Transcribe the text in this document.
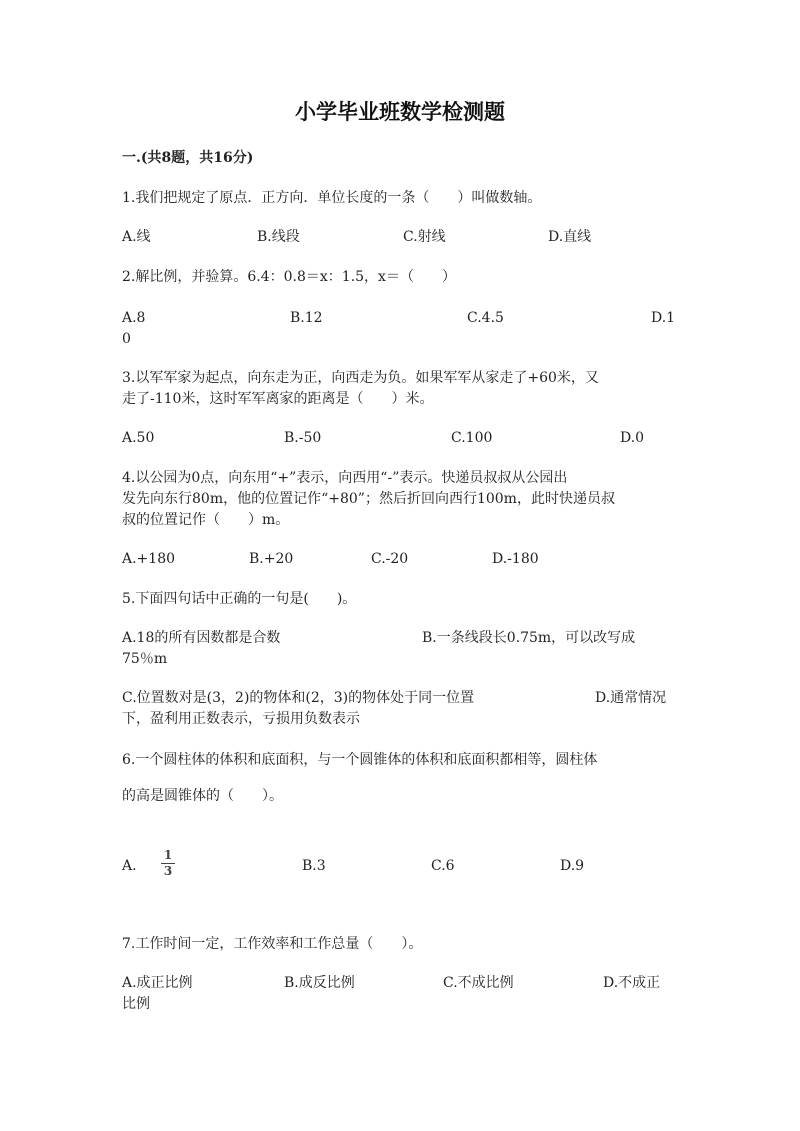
小学毕业班数学检测题
一.(共8题，共16分)
1.我们把规定了原点．正方向．单位长度的一条（　　）叫做数轴。
A.线	B.线段	C.射线	D.直线
2.解比例，并验算。6.4：0.8＝x：1.5，x＝（　　）
A.8	B.12	C.4.5	D.1
0
3.以军军家为起点，向东走为正，向西走为负。如果军军从家走了+60米，又
走了-110米，这时军军离家的距离是（　　）米。
A.50	B.-50	C.100	D.0
4.以公园为0点，向东用“+”表示，向西用“-”表示。快递员叔叔从公园出
发先向东行80m，他的位置记作“+80”；然后折回向西行100m，此时快递员叔
叔的位置记作（　　）m。
A.+180	B.+20	C.-20	D.-180
5.下面四句话中正确的一句是(　　)。
A.18的所有因数都是合数	B.一条线段长0.75m，可以改写成
75％m
C.位置数对是(3，2)的物体和(2，3)的物体处于同一位置	D.通常情况
下，盈利用正数表示，亏损用负数表示
6.一个圆柱体的体积和底面积，与一个圆锥体的体积和底面积都相等，圆柱体
的高是圆锥体的（　　）。
A.
1
3	B.3	C.6	D.9
7.工作时间一定，工作效率和工作总量（　　）。
A.成正比例	B.成反比例	C.不成比例	D.不成正
比例
